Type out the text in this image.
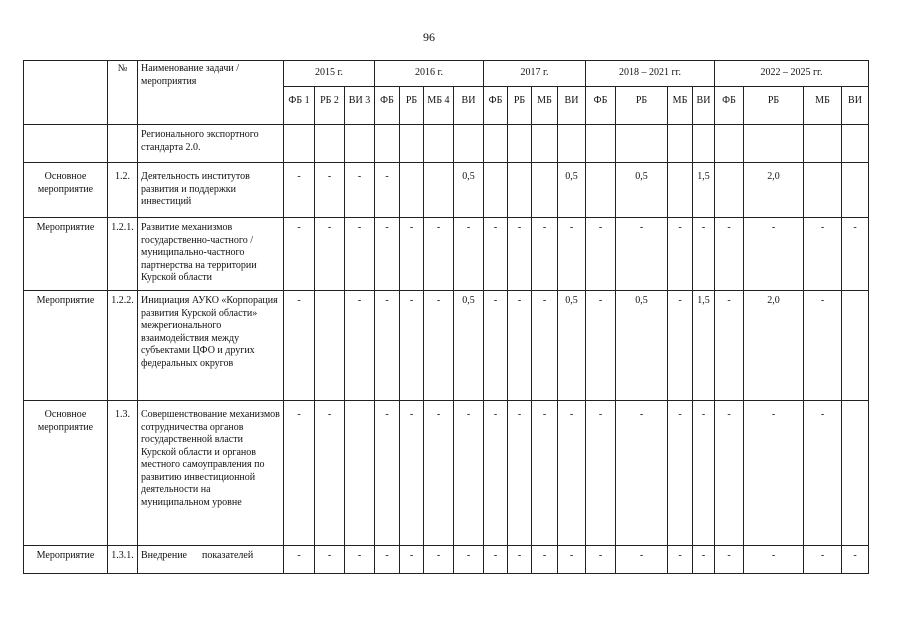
96
	№	Наименование задачи / мероприятия	2015 г.			2016 г.				2017 г.				2018 – 2021 гг.				2022 – 2025 гг.			
			ФБ 1	РБ 2	ВИ 3	ФБ	РБ	МБ 4	ВИ	ФБ	РБ	МБ	ВИ	ФБ	РБ	МБ	ВИ	ФБ	РБ	МБ	ВИ
		Регионального экспортного стандарта 2.0.																			
Основное мероприятие	1.2.	Деятельность институтов развития и поддержки инвестиций	-	-	-	-			0,5				0,5		0,5		1,5		2,0		
Мероприятие	1.2.1.	Развитие механизмов государственно-частного /муниципально-частного партнерства на территории Курской области	-	-	-	-	-	-	-	-	-	-	-	-	-	-	-	-	-	-	-
Мероприятие	1.2.2.	Инициация АУКО «Корпорация развития Курской области» межрегионального взаимодействия между субъектами ЦФО и других федеральных округов	-		-	-	-	-	0,5	-	-	-	0,5	-	0,5	-	1,5	-	2,0	-	
Основное мероприятие	1.3.	Совершенствование механизмов сотрудничества органов государственной власти Курской области и органов местного самоуправления по развитию инвестиционной деятельности на муниципальном уровне	-	-		-	-	-	-	-	-	-	-	-	-	-	-	-	-	-	
Мероприятие	1.3.1.	Внедрение      показателей	-	-	-	-	-	-	-	-	-	-	-	-	-	-	-	-	-	-	-
